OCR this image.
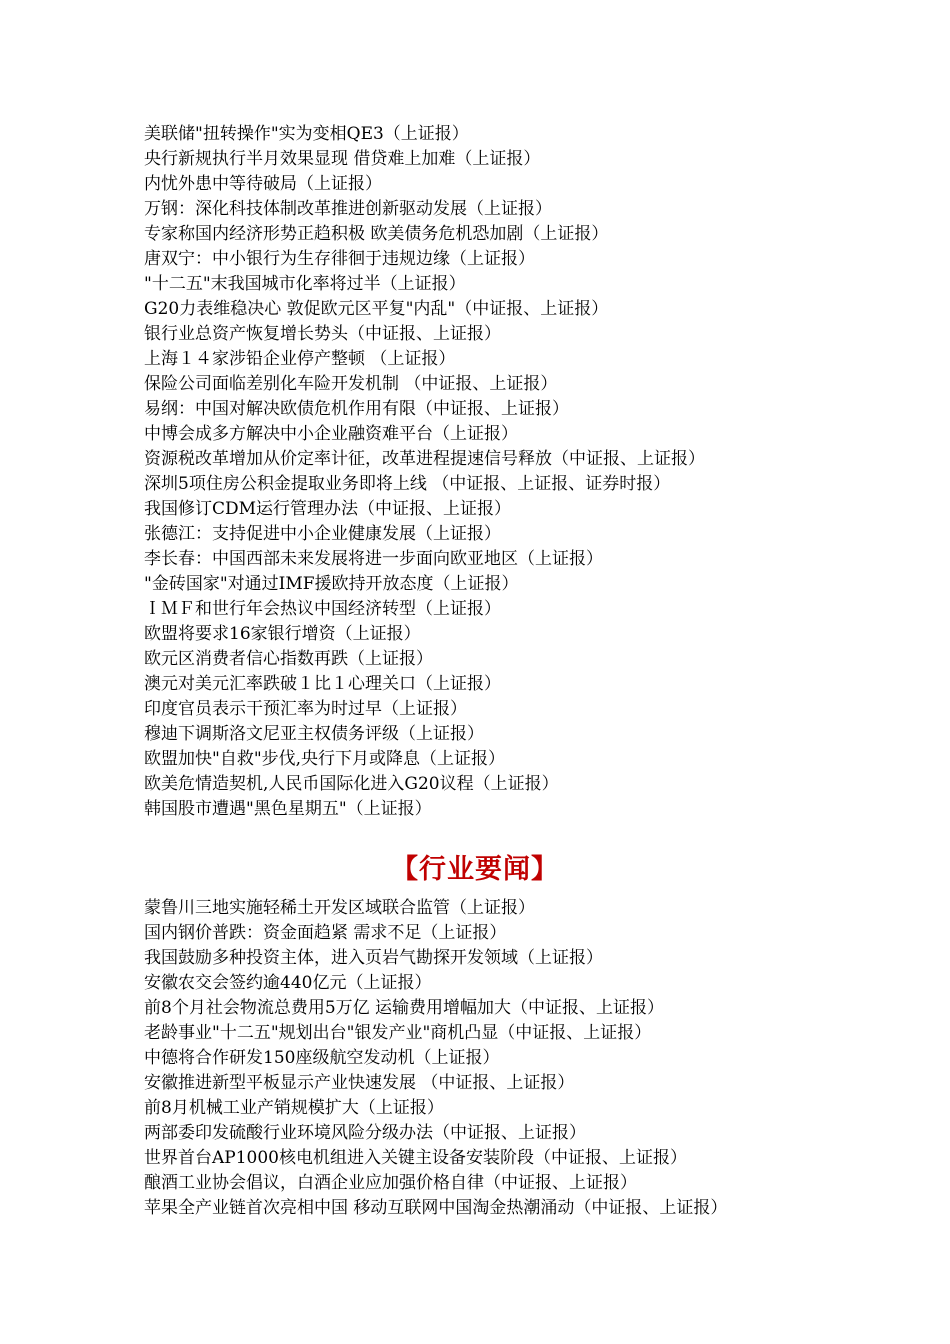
美联储"扭转操作"实为变相QE3（上证报）
央行新规执行半月效果显现 借贷难上加难（上证报）
内忧外患中等待破局（上证报）
万钢：深化科技体制改革推进创新驱动发展（上证报）
专家称国内经济形势正趋积极 欧美债务危机恐加剧（上证报）
唐双宁：中小银行为生存徘徊于违规边缘（上证报）
"十二五"末我国城市化率将过半（上证报）
G20力表维稳决心 敦促欧元区平复"内乱"（中证报、上证报）
银行业总资产恢复增长势头（中证报、上证报）
上海１４家涉铅企业停产整顿 （上证报）
保险公司面临差别化车险开发机制 （中证报、上证报）
易纲：中国对解决欧债危机作用有限（中证报、上证报）
中博会成多方解决中小企业融资难平台（上证报）
资源税改革增加从价定率计征，改革进程提速信号释放（中证报、上证报）
深圳5项住房公积金提取业务即将上线 （中证报、上证报、证券时报）
我国修订CDM运行管理办法（中证报、上证报）
张德江：支持促进中小企业健康发展（上证报）
李长春：中国西部未来发展将进一步面向欧亚地区（上证报）
"金砖国家"对通过IMF援欧持开放态度（上证报）
ＩＭＦ和世行年会热议中国经济转型（上证报）
欧盟将要求16家银行增资（上证报）
欧元区消费者信心指数再跌（上证报）
澳元对美元汇率跌破１比１心理关口（上证报）
印度官员表示干预汇率为时过早（上证报）
穆迪下调斯洛文尼亚主权债务评级（上证报）
欧盟加快"自救"步伐,央行下月或降息（上证报）
欧美危情造契机,人民币国际化进入G20议程（上证报）
韩国股市遭遇"黑色星期五"（上证报）
【行业要闻】
蒙鲁川三地实施轻稀土开发区域联合监管（上证报）
国内钢价普跌：资金面趋紧 需求不足（上证报）
我国鼓励多种投资主体，进入页岩气勘探开发领域（上证报）
安徽农交会签约逾440亿元（上证报）
前8个月社会物流总费用5万亿 运输费用增幅加大（中证报、上证报）
老龄事业"十二五"规划出台"银发产业"商机凸显（中证报、上证报）
中德将合作研发150座级航空发动机（上证报）
安徽推进新型平板显示产业快速发展 （中证报、上证报）
前8月机械工业产销规模扩大（上证报）
两部委印发硫酸行业环境风险分级办法（中证报、上证报）
世界首台AP1000核电机组进入关键主设备安装阶段（中证报、上证报）
酿酒工业协会倡议，白酒企业应加强价格自律（中证报、上证报）
苹果全产业链首次亮相中国 移动互联网中国淘金热潮涌动（中证报、上证报）
